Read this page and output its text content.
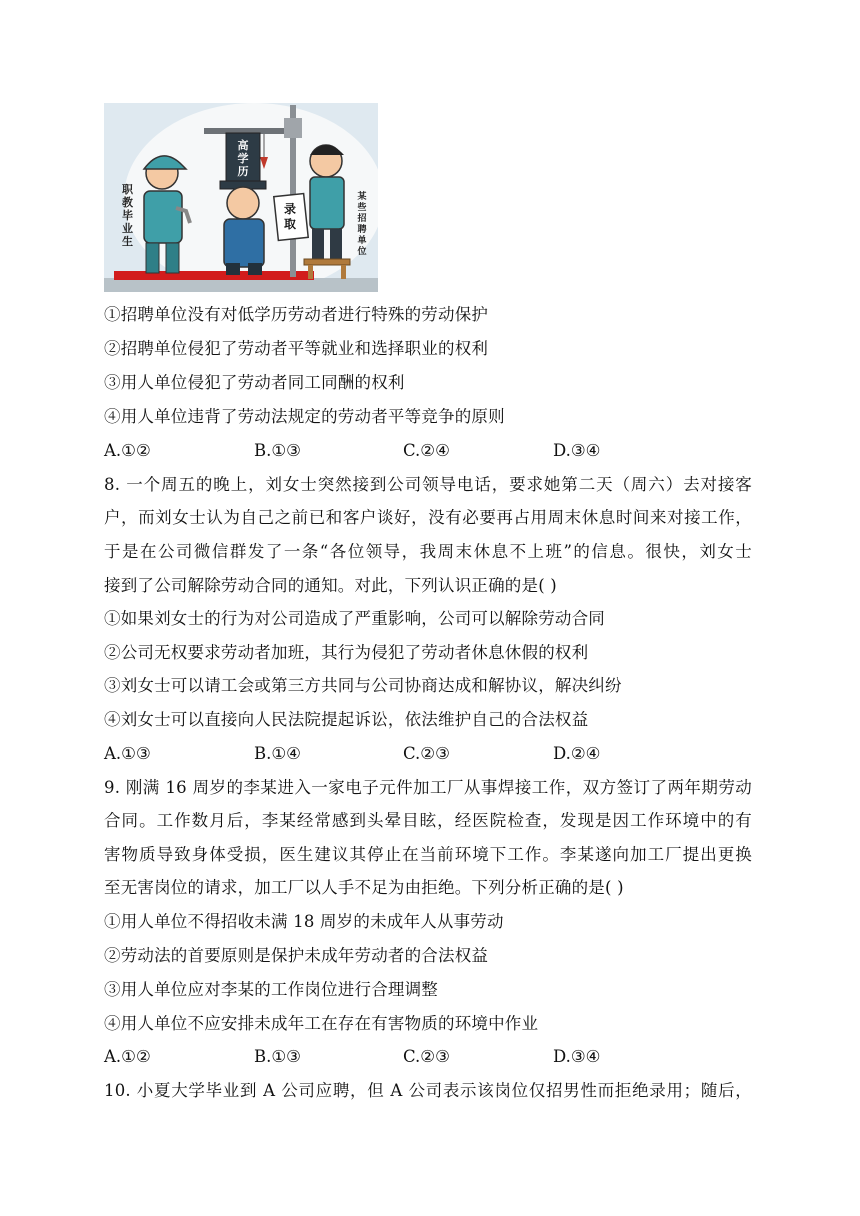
职教毕业生
高学历
录取
某些招聘单位
①招聘单位没有对低学历劳动者进行特殊的劳动保护
②招聘单位侵犯了劳动者平等就业和选择职业的权利
③用人单位侵犯了劳动者同工同酬的权利
④用人单位违背了劳动法规定的劳动者平等竞争的原则
A.①②	B.①③	C.②④	D.③④
8. 一个周五的晚上，刘女士突然接到公司领导电话，要求她第二天（周六）去对接客
户，而刘女士认为自己之前已和客户谈好，没有必要再占用周末休息时间来对接工作，
于是在公司微信群发了一条“各位领导，我周末休息不上班”的信息。很快，刘女士
接到了公司解除劳动合同的通知。对此，下列认识正确的是( )
①如果刘女士的行为对公司造成了严重影响，公司可以解除劳动合同
②公司无权要求劳动者加班，其行为侵犯了劳动者休息休假的权利
③刘女士可以请工会或第三方共同与公司协商达成和解协议，解决纠纷
④刘女士可以直接向人民法院提起诉讼，依法维护自己的合法权益
A.①③	B.①④	C.②③	D.②④
9. 刚满 16 周岁的李某进入一家电子元件加工厂从事焊接工作，双方签订了两年期劳动
合同。工作数月后，李某经常感到头晕目眩，经医院检查，发现是因工作环境中的有
害物质导致身体受损，医生建议其停止在当前环境下工作。李某遂向加工厂提出更换
至无害岗位的请求，加工厂以人手不足为由拒绝。下列分析正确的是( )
①用人单位不得招收未满 18 周岁的未成年人从事劳动
②劳动法的首要原则是保护未成年劳动者的合法权益
③用人单位应对李某的工作岗位进行合理调整
④用人单位不应安排未成年工在存在有害物质的环境中作业
A.①②	B.①③	C.②③	D.③④
10. 小夏大学毕业到 A 公司应聘，但 A 公司表示该岗位仅招男性而拒绝录用；随后，
